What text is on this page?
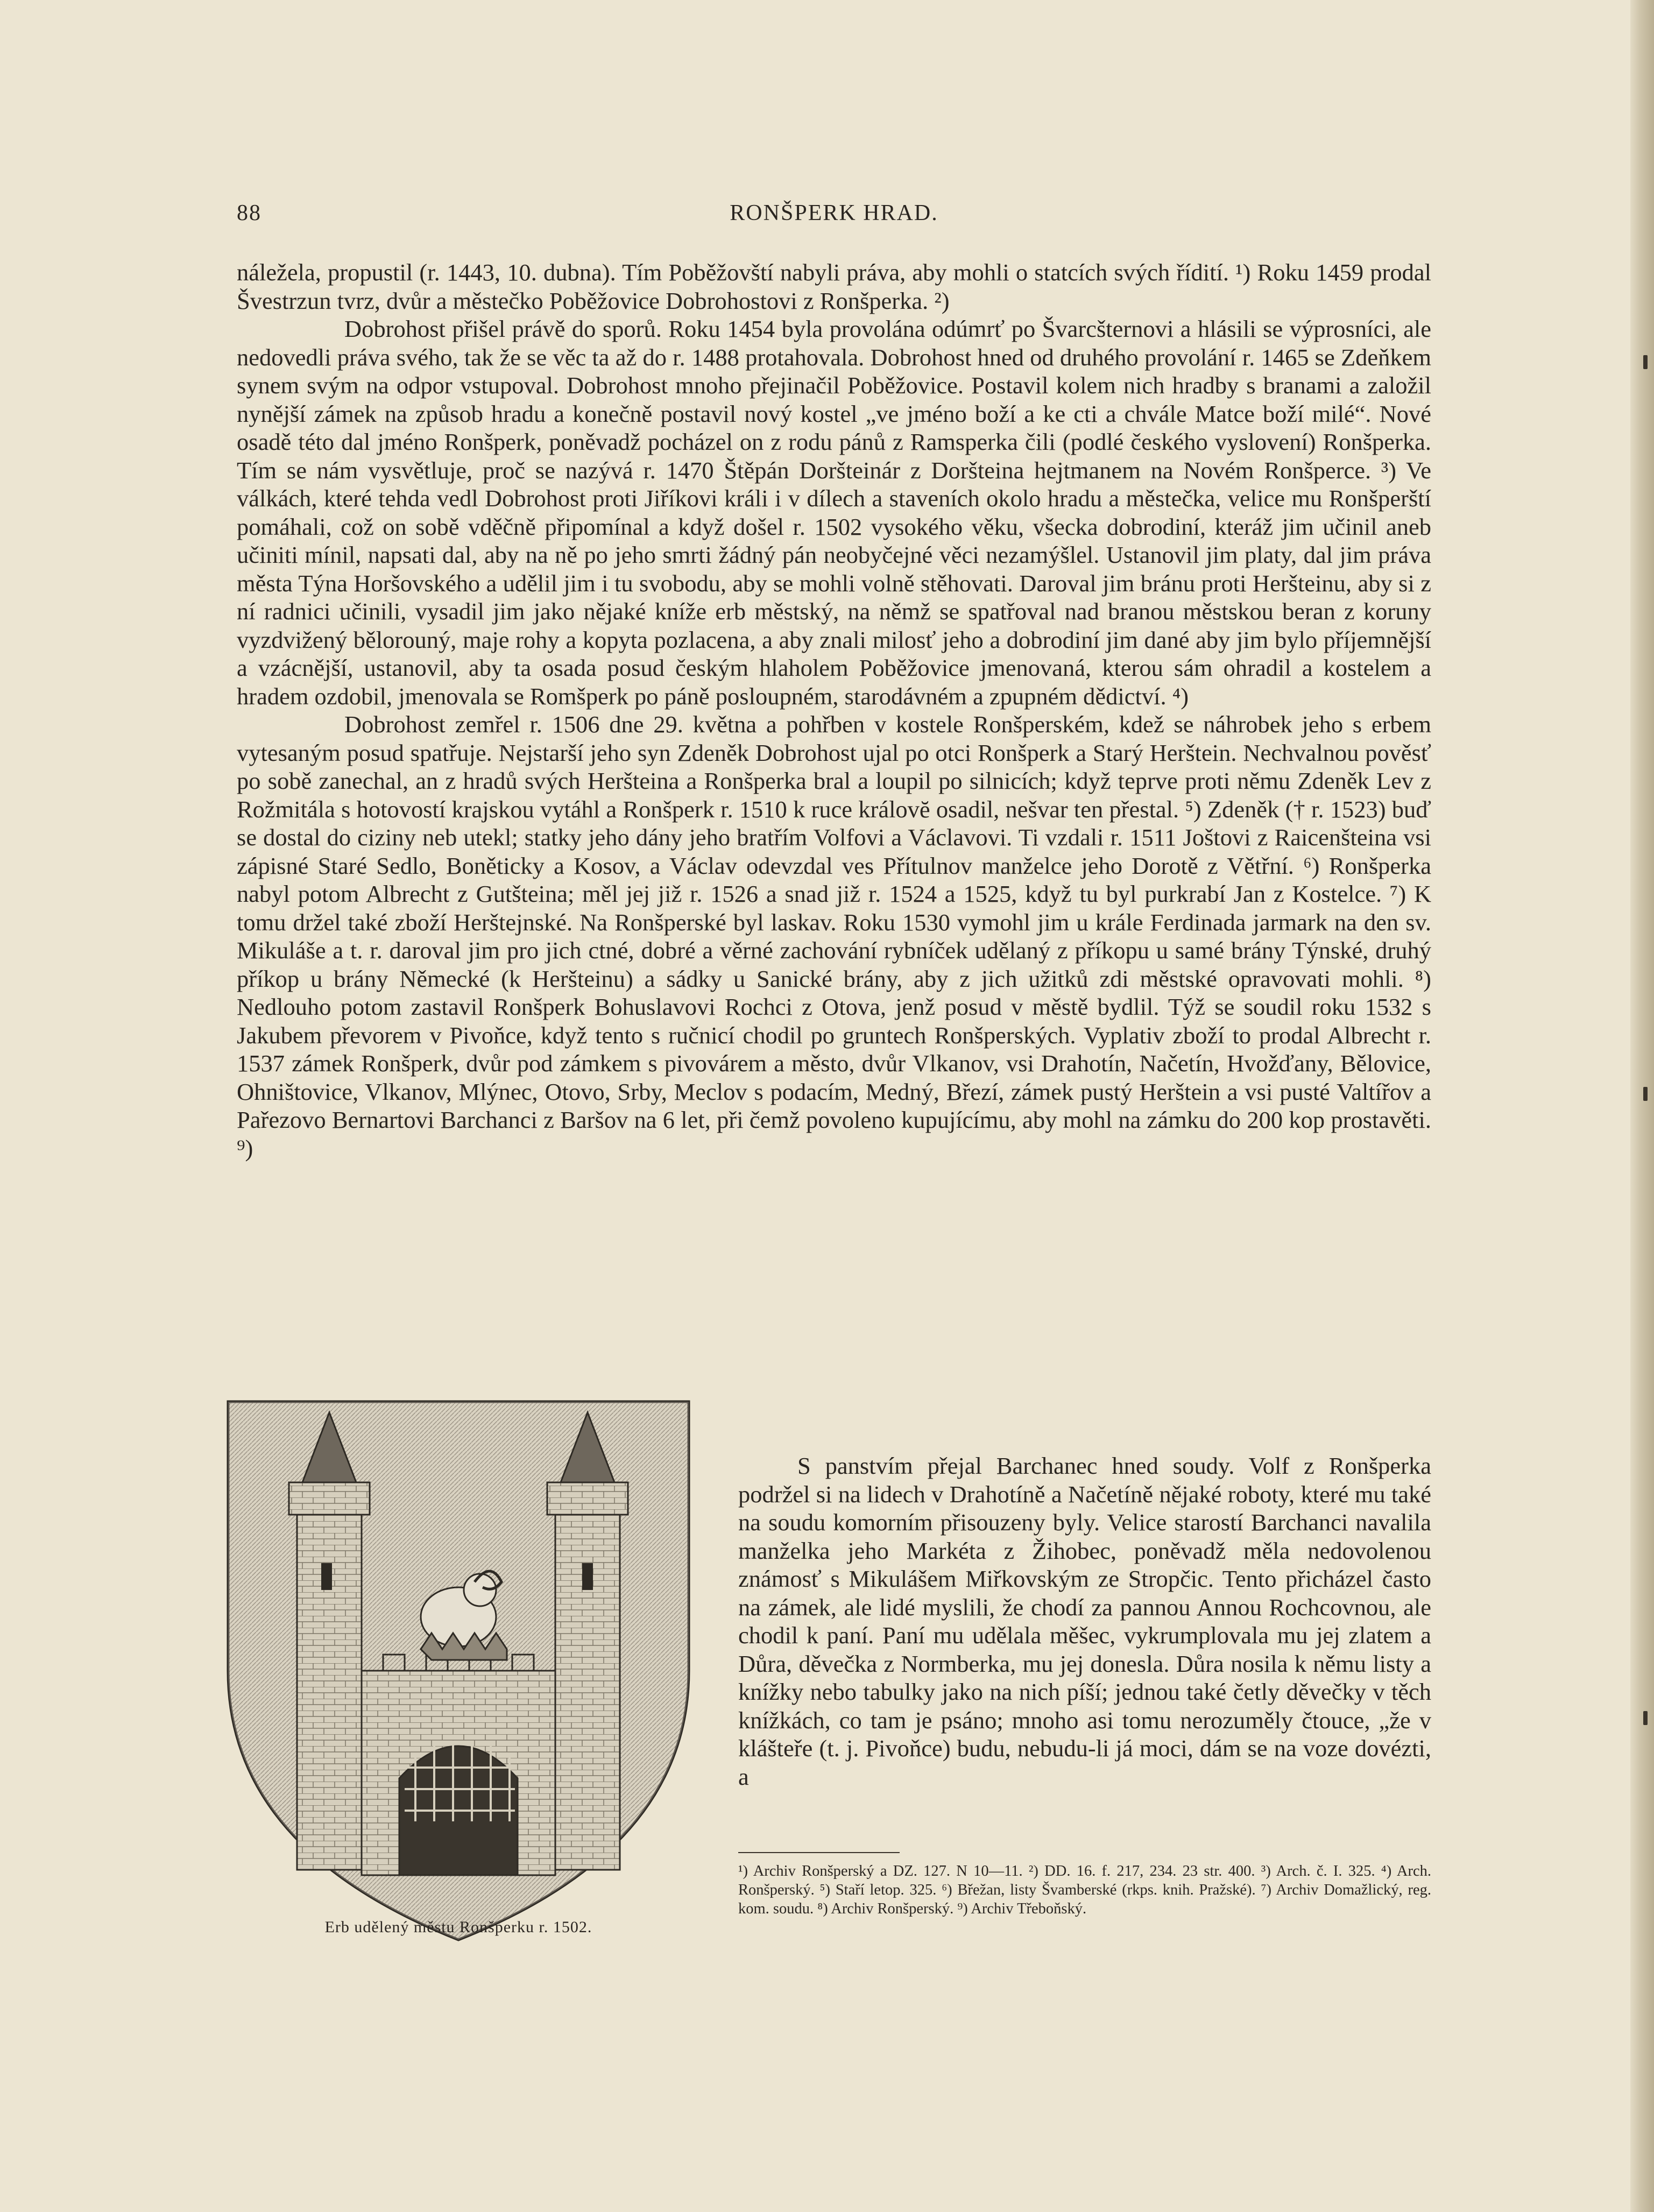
88	RONŠPERK HRAD.

náležela, propustil (r. 1443, 10. dubna). Tím Poběžovští nabyli práva, aby mohli o statcích svých řídití. ¹) Roku 1459 prodal Švestrzun tvrz, dvůr a městečko Poběžovice Dobrohostovi z Ronšperka. ²)

Dobrohost přišel právě do sporů. Roku 1454 byla provolána odúmrť po Švarcšternovi a hlásili se výprosníci, ale nedovedli práva svého, tak že se věc ta až do r. 1488 protahovala. Dobrohost hned od druhého provolání r. 1465 se Zdeňkem synem svým na odpor vstupoval. Dobrohost mnoho přejinačil Poběžovice. Postavil kolem nich hradby s branami a založil nynější zámek na způsob hradu a konečně postavil nový kostel „ve jméno boží a ke cti a chvále Matce boží milé“. Nové osadě této dal jméno Ronšperk, poněvadž pocházel on z rodu pánů z Ramsperka čili (podlé českého vyslovení) Ronšperka. Tím se nám vysvětluje, proč se nazývá r. 1470 Štěpán Doršteinár z Doršteina hejtmanem na Novém Ronšperce. ³) Ve válkách, které tehda vedl Dobrohost proti Jiříkovi králi i v dílech a staveních okolo hradu a městečka, velice mu Ronšperští pomáhali, což on sobě vděčně připomínal a když došel r. 1502 vysokého věku, všecka dobrodiní, kteráž jim učinil aneb učiniti mínil, napsati dal, aby na ně po jeho smrti žádný pán neobyčejné věci nezamýšlel. Ustanovil jim platy, dal jim práva města Týna Horšovského a udělil jim i tu svobodu, aby se mohli volně stěhovati. Daroval jim bránu proti Heršteinu, aby si z ní radnici učinili, vysadil jim jako nějaké kníže erb městský, na němž se spatřoval nad branou městskou beran z koruny vyzdvižený bělorouný, maje rohy a kopyta pozlacena, a aby znali milosť jeho a dobrodiní jim dané aby jim bylo příjemnější a vzácnější, ustanovil, aby ta osada posud českým hlaholem Poběžovice jmenovaná, kterou sám ohradil a kostelem a hradem ozdobil, jmenovala se Romšperk po páně posloupném, starodávném a zpupném dědictví. ⁴)

Dobrohost zemřel r. 1506 dne 29. května a pohřben v kostele Ronšperském, kdež se náhrobek jeho s erbem vytesaným posud spatřuje. Nejstarší jeho syn Zdeněk Dobrohost ujal po otci Ronšperk a Starý Herštein. Nechvalnou pověsť po sobě zanechal, an z hradů svých Heršteina a Ronšperka bral a loupil po silnicích; když teprve proti němu Zdeněk Lev z Rožmitála s hotovostí krajskou vytáhl a Ronšperk r. 1510 k ruce královĕ osadil, nešvar ten přestal. ⁵) Zdeněk († r. 1523) buď se dostal do ciziny neb utekl; statky jeho dány jeho bratřím Volfovi a Václavovi. Ti vzdali r. 1511 Joštovi z Raicenšteina vsi zápisné Staré Sedlo, Boněticky a Kosov, a Václav odevzdal ves Přítulnov manželce jeho Dorotě z Větřní. ⁶) Ronšperka nabyl potom Albrecht z Gutšteina; měl jej již r. 1526 a snad již r. 1524 a 1525, když tu byl purkrabí Jan z Kostelce. ⁷) K tomu držel také zboží Herštejnské. Na Ronšperské byl laskav. Roku 1530 vymohl jim u krále Ferdinada jarmark na den sv. Mikuláše a t. r. daroval jim pro jich ctné, dobré a věrné zachování rybníček udělaný z příkopu u samé brány Týnské, druhý příkop u brány Německé (k Heršteinu) a sádky u Sanické brány, aby z jich užitků zdi městské opravovati mohli. ⁸) Nedlouho potom zastavil Ronšperk Bohuslavovi Rochci z Otova, jenž posud v městě bydlil. Týž se soudil roku 1532 s Jakubem převorem v Pivoňce, když tento s ručnicí chodil po gruntech Ronšperských. Vyplativ zboží to prodal Albrecht r. 1537 zámek Ronšperk, dvůr pod zámkem s pivovárem a město, dvůr Vlkanov, vsi Drahotín, Načetín, Hvožďany, Bělovice, Ohništovice, Vlkanov, Mlýnec, Otovo, Srby, Meclov s podacím, Medný, Březí, zámek pustý Herštein a vsi pusté Valtířov a Pařezovo Bernartovi Barchanci z Baršov na 6 let, při čemž povoleno kupujícímu, aby mohl na zámku do 200 kop prostavěti. ⁹)

Erb udělený městu Ronšperku r. 1502.

S panstvím přejal Barchanec hned soudy. Volf z Ronšperka podržel si na lidech v Drahotíně a Načetíně nějaké roboty, které mu také na soudu komorním přisouzeny byly. Velice starostí Barchanci navalila manželka jeho Markéta z Žihobec, poněvadž měla nedovolenou známosť s Mikulášem Miřkovským ze Stropčic. Tento přicházel často na zámek, ale lidé myslili, že chodí za pannou Annou Rochcovnou, ale chodil k paní. Paní mu udělala měšec, vykrumplovala mu jej zlatem a Důra, děvečka z Normberka, mu jej donesla. Důra nosila k němu listy a knížky nebo tabulky jako na nich píší; jednou také četly děvečky v těch knížkách, co tam je psáno; mnoho asi tomu nerozuměly čtouce, „že v klášteře (t. j. Pivoňce) budu, nebudu-li já moci, dám se na voze dovézti, a

¹) Archiv Ronšperský a DZ. 127. N 10—11. ²) DD. 16. f. 217, 234. 23 str. 400. ³) Arch. č. I. 325. ⁴) Arch. Ronšperský. ⁵) Staří letop. 325. ⁶) Břežan, listy Švamberské (rkps. knih. Pražské). ⁷) Archiv Domažlický, reg. kom. soudu. ⁸) Archiv Ronšperský. ⁹) Archiv Třeboňský.
